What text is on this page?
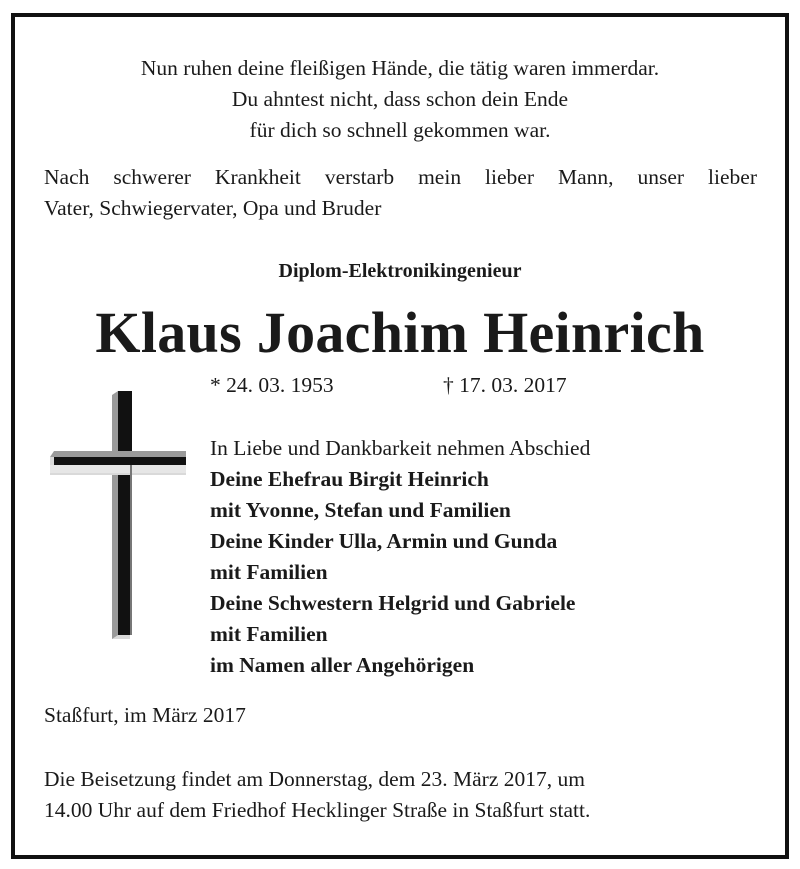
Nun ruhen deine fleißigen Hände, die tätig waren immerdar.
Du ahntest nicht, dass schon dein Ende
für dich so schnell gekommen war.
Nach schwerer Krankheit verstarb mein lieber Mann, unser lieber
Vater, Schwiegervater, Opa und Bruder
Diplom-Elektronikingenieur
Klaus Joachim Heinrich
* 24. 03. 1953	† 17. 03. 2017
In Liebe und Dankbarkeit nehmen Abschied
Deine Ehefrau Birgit Heinrich
mit Yvonne, Stefan und Familien
Deine Kinder Ulla, Armin und Gunda
mit Familien
Deine Schwestern Helgrid und Gabriele
mit Familien
im Namen aller Angehörigen
Staßfurt, im März 2017
Die Beisetzung findet am Donnerstag, dem 23. März 2017, um
14.00 Uhr auf dem Friedhof Hecklinger Straße in Staßfurt statt.
